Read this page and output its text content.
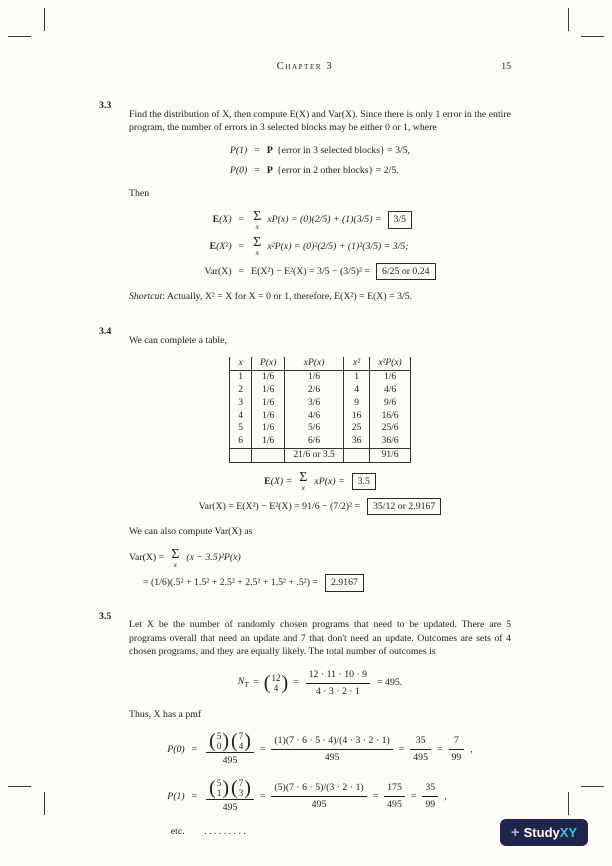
Chapter 3	15
3.3

Find the distribution of X, then compute E(X) and Var(X). Since there is only 1 error in the entire program, the number of errors in 3 selected blocks may be either 0 or 1, where

P(1) = P {error in 3 selected blocks} = 3/5,
P(0) = P {error in 2 other blocks} = 2/5.

Then

E(X) = Σ
x
xP(x) = (0)(2/5) + (1)(3/5) =	3/5
E(X²) = Σ
x
x²P(x) = (0)²(2/5) + (1)²(3/5) = 3/5;
Var(X) = E(X²) − E²(X) = 3/5 − (3/5)² =	6/25 or 0.24

Shortcut: Actually, X² = X for X = 0 or 1, therefore, E(X²) = E(X) = 3/5.

3.4

We can complete a table,

x	P(x)	xP(x)	x²	x²P(x)
1	1/6	1/6	1	1/6
2	1/6	2/6	4	4/6
3	1/6	3/6	9	9/6
4	1/6	4/6	16	16/6
5	1/6	5/6	25	25/6
6	1/6	6/6	36	36/6
		21/6 or 3.5		91/6
E(X) = Σ
x
xP(x) =	3.5
Var(X) = E(X²) − E²(X) = 91/6 − (7/2)² =	35/12 or 2.9167

We can also compute Var(X) as

Var(X) = Σ
x
(x − 3.5)²P(x)
= (1/6)(.5² + 1.5² + 2.5² + 2.5² + 1.5² + .5²) =	2.9167
3.5

Let X be the number of randomly chosen programs that need to be updated. There are 5 programs overall that need an update and 7 that don't need an update. Outcomes are sets of 4 chosen programs, and they are equally likely. The total number of outcomes is

$N_T$ = ( 12
4 ) = $\frac{12 \cdot 11 \cdot 10 \cdot 9}{4 \cdot 3 \cdot 2 \cdot 1} = 495$.

Thus, X has a pmf

P(0) = ( 5
0 ) ( 7
4 )
$495 = \frac{(1)(7 \cdot 6 \cdot 5 \cdot 4)/(4 \cdot 3 \cdot 2 \cdot 1)}{495} = \frac{35}{495} = \frac{7}{99}$ ,
P(1) = ( 5
1 ) ( 7
3 )
$495 = \frac{(5)(7 \cdot 6 \cdot 5)/(3 \cdot 2 \cdot 1)}{495} = \frac{175}{495} = \frac{35}{99}$ ,
etc. . . . . . . . . .	+ Study XY
